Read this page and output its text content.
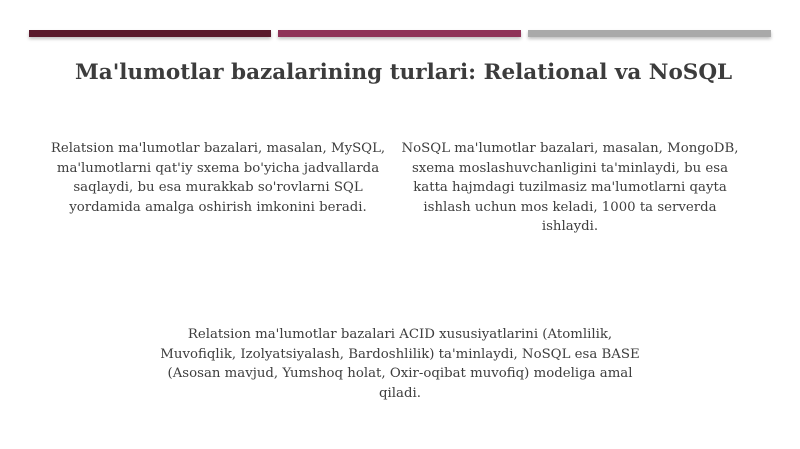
Ma'lumotlar bazalarining turlari: Relational va NoSQL

Relatsion ma'lumotlar bazalari, masalan, MySQL, ma'lumotlarni qat'iy sxema bo'yicha jadvallarda saqlaydi, bu esa murakkab so'rovlarni SQL yordamida amalga oshirish imkonini beradi.

NoSQL ma'lumotlar bazalari, masalan, MongoDB, sxema moslashuvchanligini ta'minlaydi, bu esa katta hajmdagi tuzilmasiz ma'lumotlarni qayta ishlash uchun mos keladi, 1000 ta serverda ishlaydi.

Relatsion ma'lumotlar bazalari ACID xususiyatlarini (Atomlilik, Muvofiqlik, Izolyatsiyalash, Bardoshlilik) ta'minlaydi, NoSQL esa BASE (Asosan mavjud, Yumshoq holat, Oxir-oqibat muvofiq) modeliga amal qiladi.
